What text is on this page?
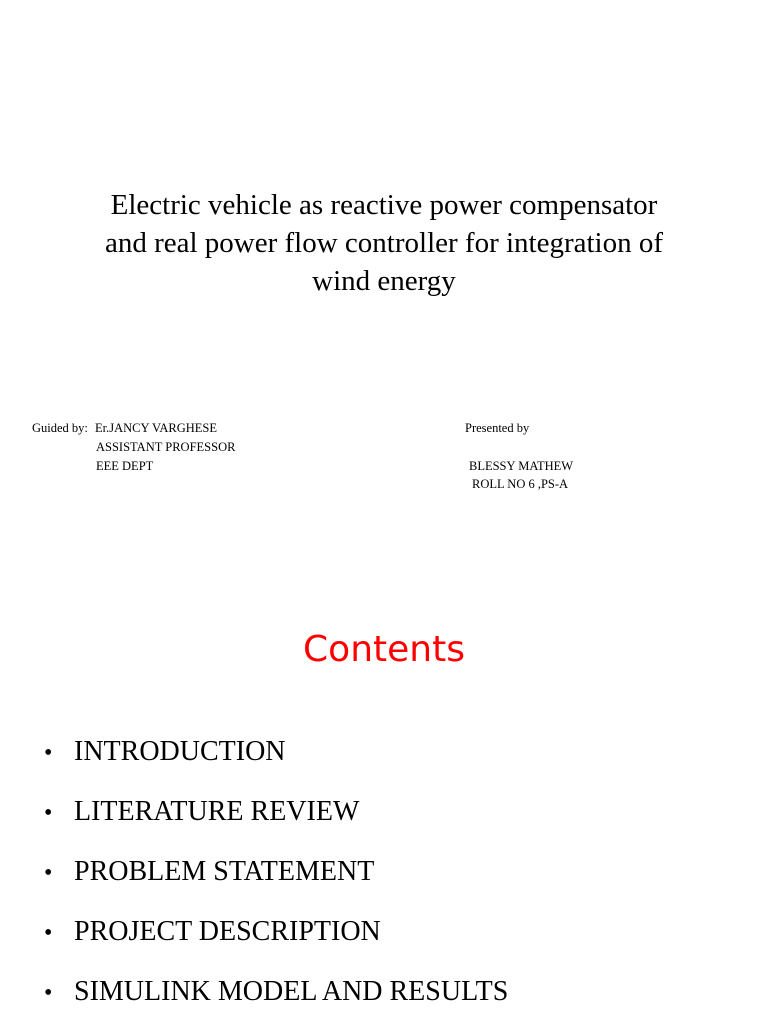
Electric vehicle as reactive power compensator
and real power flow controller for integration of
wind energy
Guided by: Er.JANCY VARGHESE
ASSISTANT PROFESSOR
EEE DEPT
Presented by
BLESSY MATHEW
ROLL NO 6 ,PS-A
Contents
• INTRODUCTION
• LITERATURE REVIEW
• PROBLEM STATEMENT
• PROJECT DESCRIPTION
• SIMULINK MODEL AND RESULTS
